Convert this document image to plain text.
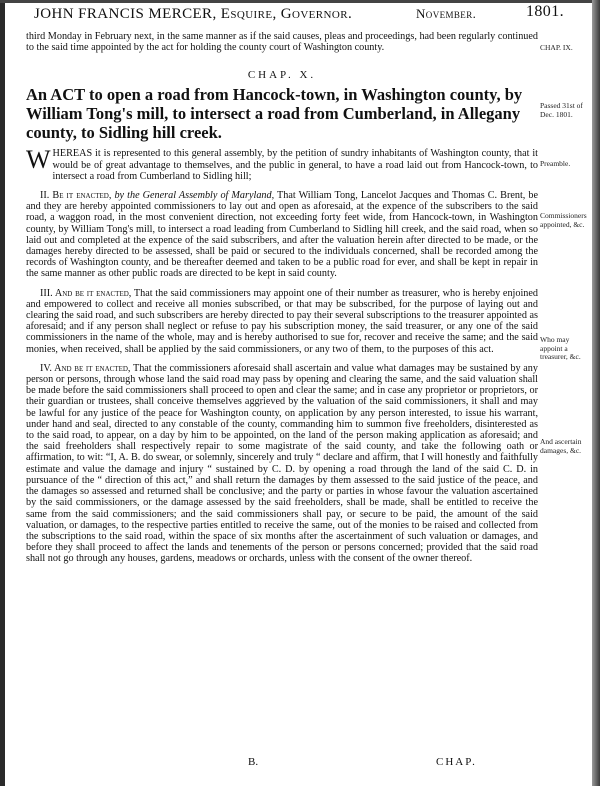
JOHN FRANCIS MERCER, Esquire, Governor.	November.	1801.

third Monday in February next, in the same manner as if the said causes, pleas and proceedings, had been regularly continued to the said time appointed by the act for holding the county court of Washington county.

CHAP. X.
An ACT to open a road from Hancock-town, in Washington county, by William Tong's mill, to intersect a road from Cumberland, in Allegany county, to Sidling hill creek.

WHEREAS it is represented to this general assembly, by the petition of sundry inhabitants of Washington county, that it would be of great advantage to themselves, and the public in general, to have a road laid out from Hancock-town, to intersect a road from Cumberland to Sidling hill;

II. Be it enacted, by the General Assembly of Maryland, That William Tong, Lancelot Jacques and Thomas C. Brent, be and they are hereby appointed commissioners to lay out and open as aforesaid, at the expence of the subscribers to the said road, a waggon road, in the most convenient direction, not exceeding forty feet wide, from Hancock-town, in Washington county, by William Tong's mill, to intersect a road leading from Cumberland to Sidling hill creek, and the said road, when so laid out and completed at the expence of the said subscribers, and after the valuation herein after directed to be made, or the damages hereby directed to be assessed, shall be paid or secured to the individuals concerned, shall be recorded among the records of Washington county, and be thereafter deemed and taken to be a public road for ever, and shall be kept in repair in the same manner as other public roads are directed to be kept in said county.

III. And be it enacted, That the said commissioners may appoint one of their number as treasurer, who is hereby enjoined and empowered to collect and receive all monies subscribed, or that may be subscribed, for the purpose of laying out and clearing the said road, and such subscribers are hereby directed to pay their several subscriptions to the treasurer appointed as aforesaid; and if any person shall neglect or refuse to pay his subscription money, the said treasurer, or any one of the said commissioners in the name of the whole, may and is hereby authorised to sue for, recover and receive the same; and the said monies, when received, shall be applied by the said commissioners, or any two of them, to the purposes of this act.

IV. And be it enacted, That the commissioners aforesaid shall ascertain and value what damages may be sustained by any person or persons, through whose land the said road may pass by opening and clearing the same, and the said valuation shall be made before the said commissioners shall proceed to open and clear the same; and in case any proprietor or proprietors, or their guardian or trustees, shall conceive themselves aggrieved by the valuation of the said commissioners, it shall and may be lawful for any justice of the peace for Washington county, on application by any person interested, to issue his warrant, under hand and seal, directed to any constable of the county, commanding him to summon five freeholders, disinterested as to the said road, to appear, on a day by him to be appointed, on the land of the person making application as aforesaid; and the said freeholders shall respectively repair to some magistrate of the said county, and take the following oath or affirmation, to wit: “I, A. B. do swear, or solemnly, sincerely and truly “ declare and affirm, that I will honestly and faithfully estimate and value the damage and injury “ sustained by C. D. by opening a road through the land of the said C. D. in pursuance of the “ direction of this act,” and shall return the damages by them assessed to the said justice of the peace, and the damages so assessed and returned shall be conclusive; and the party or parties in whose favour the valuation ascertained by the said commissioners, or the damage assessed by the said freeholders, shall be made, shall be entitled to receive the same from the said commissioners; and the said commissioners shall pay, or secure to be paid, the amount of the said valuation, or damages, to the respective parties entitled to receive the same, out of the monies to be raised and collected from the subscriptions to the said road, within the space of six months after the ascertainment of such valuation or damages, and before they shall proceed to affect the lands and tenements of the person or persons concerned; provided that the said road shall not go through any houses, gardens, meadows or orchards, unless with the consent of the owner thereof.

CHAP. IX.
Passed 31st of Dec. 1801.
Preamble.
Commissioners appointed, &c.
Who may appoint a treasurer, &c.
And ascertain damages, &c.
B.	CHAP.
